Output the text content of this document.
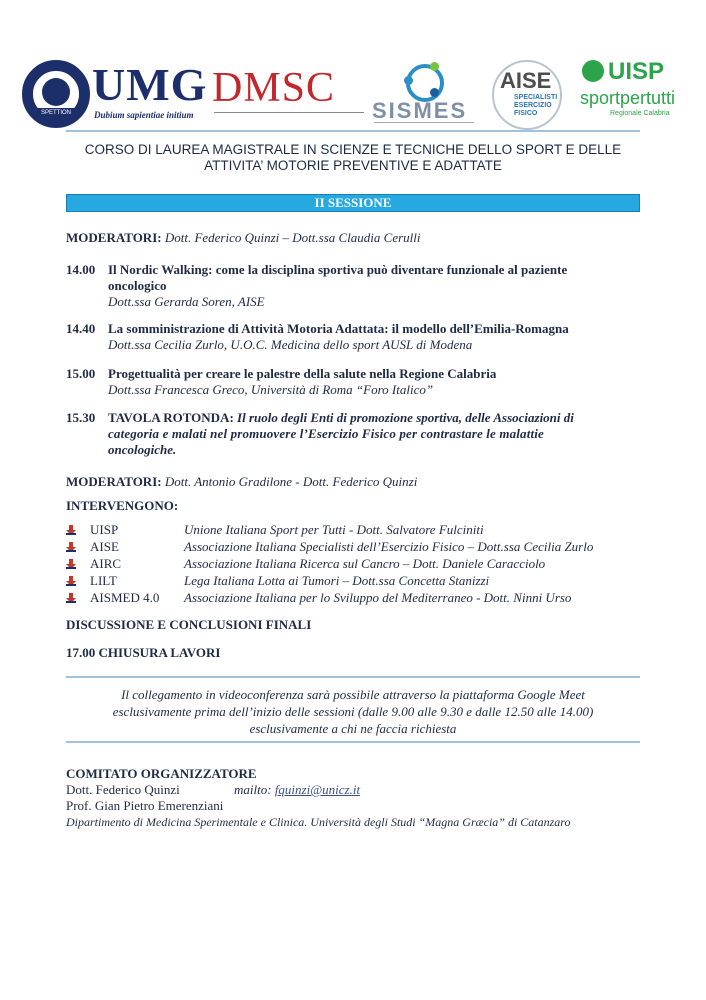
SPETTION
UMG
Dubium sapientiae initium
DMSC SISMES
AISE
SPECIALISTI
ESERCIZIO
FISICO
UISP
sportpertutti
Regionale Calabria
CORSO DI LAUREA MAGISTRALE IN SCIENZE E TECNICHE DELLO SPORT E DELLE
ATTIVITA’ MOTORIE PREVENTIVE E ADATTATE
II SESSIONE
MODERATORI: Dott. Federico Quinzi – Dott.ssa Claudia Cerulli
14.00 Il Nordic Walking: come la disciplina sportiva può diventare funzionale al paziente
oncologico
Dott.ssa Gerarda Soren, AISE
14.40 La somministrazione di Attività Motoria Adattata: il modello dell’Emilia-Romagna
Dott.ssa Cecilia Zurlo, U.O.C. Medicina dello sport AUSL di Modena
15.00 Progettualità per creare le palestre della salute nella Regione Calabria
Dott.ssa Francesca Greco, Università di Roma “Foro Italico”
15.30 TAVOLA ROTONDA: Il ruolo degli Enti di promozione sportiva, delle Associazioni di
categoria e malati nel promuovere l’Esercizio Fisico per contrastare le malattie
oncologiche.
MODERATORI: Dott. Antonio Gradilone - Dott. Federico Quinzi
INTERVENGONO:
UISP	Unione Italiana Sport per Tutti - Dott. Salvatore Fulciniti
AISE	Associazione Italiana Specialisti dell’Esercizio Fisico – Dott.ssa Cecilia Zurlo
AIRC	Associazione Italiana Ricerca sul Cancro – Dott. Daniele Caracciolo
LILT	Lega Italiana Lotta ai Tumori – Dott.ssa Concetta Stanizzi
AISMED 4.0 Associazione Italiana per lo Sviluppo del Mediterraneo - Dott. Ninni Urso
DISCUSSIONE E CONCLUSIONI FINALI
17.00 CHIUSURA LAVORI
Il collegamento in videoconferenza sarà possibile attraverso la piattaforma Google Meet
esclusivamente prima dell’inizio delle sessioni (dalle 9.00 alle 9.30 e dalle 12.50 alle 14.00)
esclusivamente a chi ne faccia richiesta
COMITATO ORGANIZZATORE
Dott. Federico Quinzi	mailto: fquinzi@unicz.it
Prof. Gian Pietro Emerenziani
Dipartimento di Medicina Sperimentale e Clinica. Università degli Studi “Magna Græcia” di Catanzaro
